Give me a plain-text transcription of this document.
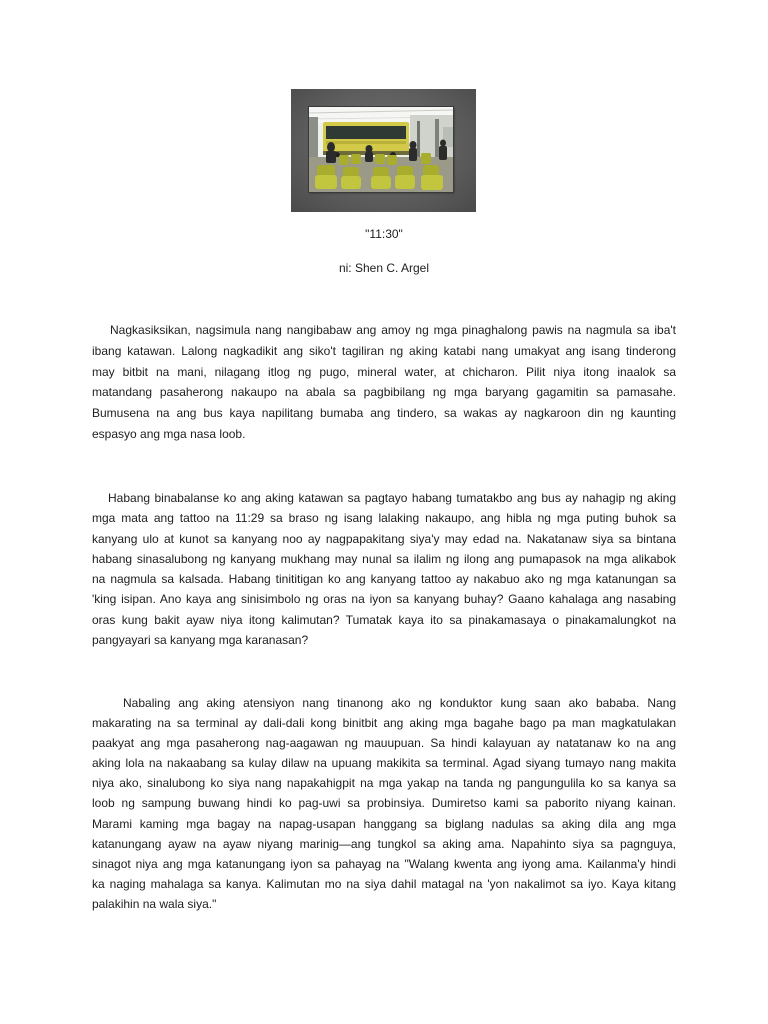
"11:30"
ni: Shen C. Argel
Nagkasiksikan, nagsimula nang nangibabaw ang amoy ng mga pinaghalong pawis na nagmula sa iba't
ibang katawan. Lalong nagkadikit ang siko't tagiliran ng aking katabi nang umakyat ang isang tinderong
may bitbit na mani, nilagang itlog ng pugo, mineral water, at chicharon. Pilit niya itong inaalok sa
matandang pasaherong nakaupo na abala sa pagbibilang ng mga baryang gagamitin sa pamasahe.
Bumusena na ang bus kaya napilitang bumaba ang tindero, sa wakas ay nagkaroon din ng kaunting
espasyo ang mga nasa loob.
Habang binabalanse ko ang aking katawan sa pagtayo habang tumatakbo ang bus ay nahagip ng aking
mga mata ang tattoo na 11:29 sa braso ng isang lalaking nakaupo, ang hibla ng mga puting buhok sa
kanyang ulo at kunot sa kanyang noo ay nagpapakitang siya'y may edad na. Nakatanaw siya sa bintana
habang sinasalubong ng kanyang mukhang may nunal sa ilalim ng ilong ang pumapasok na mga alikabok
na nagmula sa kalsada. Habang tinititigan ko ang kanyang tattoo ay nakabuo ako ng mga katanungan sa
'king isipan. Ano kaya ang sinisimbolo ng oras na iyon sa kanyang buhay? Gaano kahalaga ang nasabing
oras kung bakit ayaw niya itong kalimutan? Tumatak kaya ito sa pinakamasaya o pinakamalungkot na
pangyayari sa kanyang mga karanasan?
Nabaling ang aking atensiyon nang tinanong ako ng konduktor kung saan ako bababa. Nang
makarating na sa terminal ay dali-dali kong binitbit ang aking mga bagahe bago pa man magkatulakan
paakyat ang mga pasaherong nag-aagawan ng mauupuan. Sa hindi kalayuan ay natatanaw ko na ang
aking lola na nakaabang sa kulay dilaw na upuang makikita sa terminal. Agad siyang tumayo nang makita
niya ako, sinalubong ko siya nang napakahigpit na mga yakap na tanda ng pangungulila ko sa kanya sa
loob ng sampung buwang hindi ko pag-uwi sa probinsiya. Dumiretso kami sa paborito niyang kainan.
Marami kaming mga bagay na napag-usapan hanggang sa biglang nadulas sa aking dila ang mga
katanungang ayaw na ayaw niyang marinig—ang tungkol sa aking ama. Napahinto siya sa pagnguya,
sinagot niya ang mga katanungang iyon sa pahayag na "Walang kwenta ang iyong ama. Kailanma'y hindi
ka naging mahalaga sa kanya. Kalimutan mo na siya dahil matagal na 'yon nakalimot sa iyo. Kaya kitang
palakihin na wala siya."
